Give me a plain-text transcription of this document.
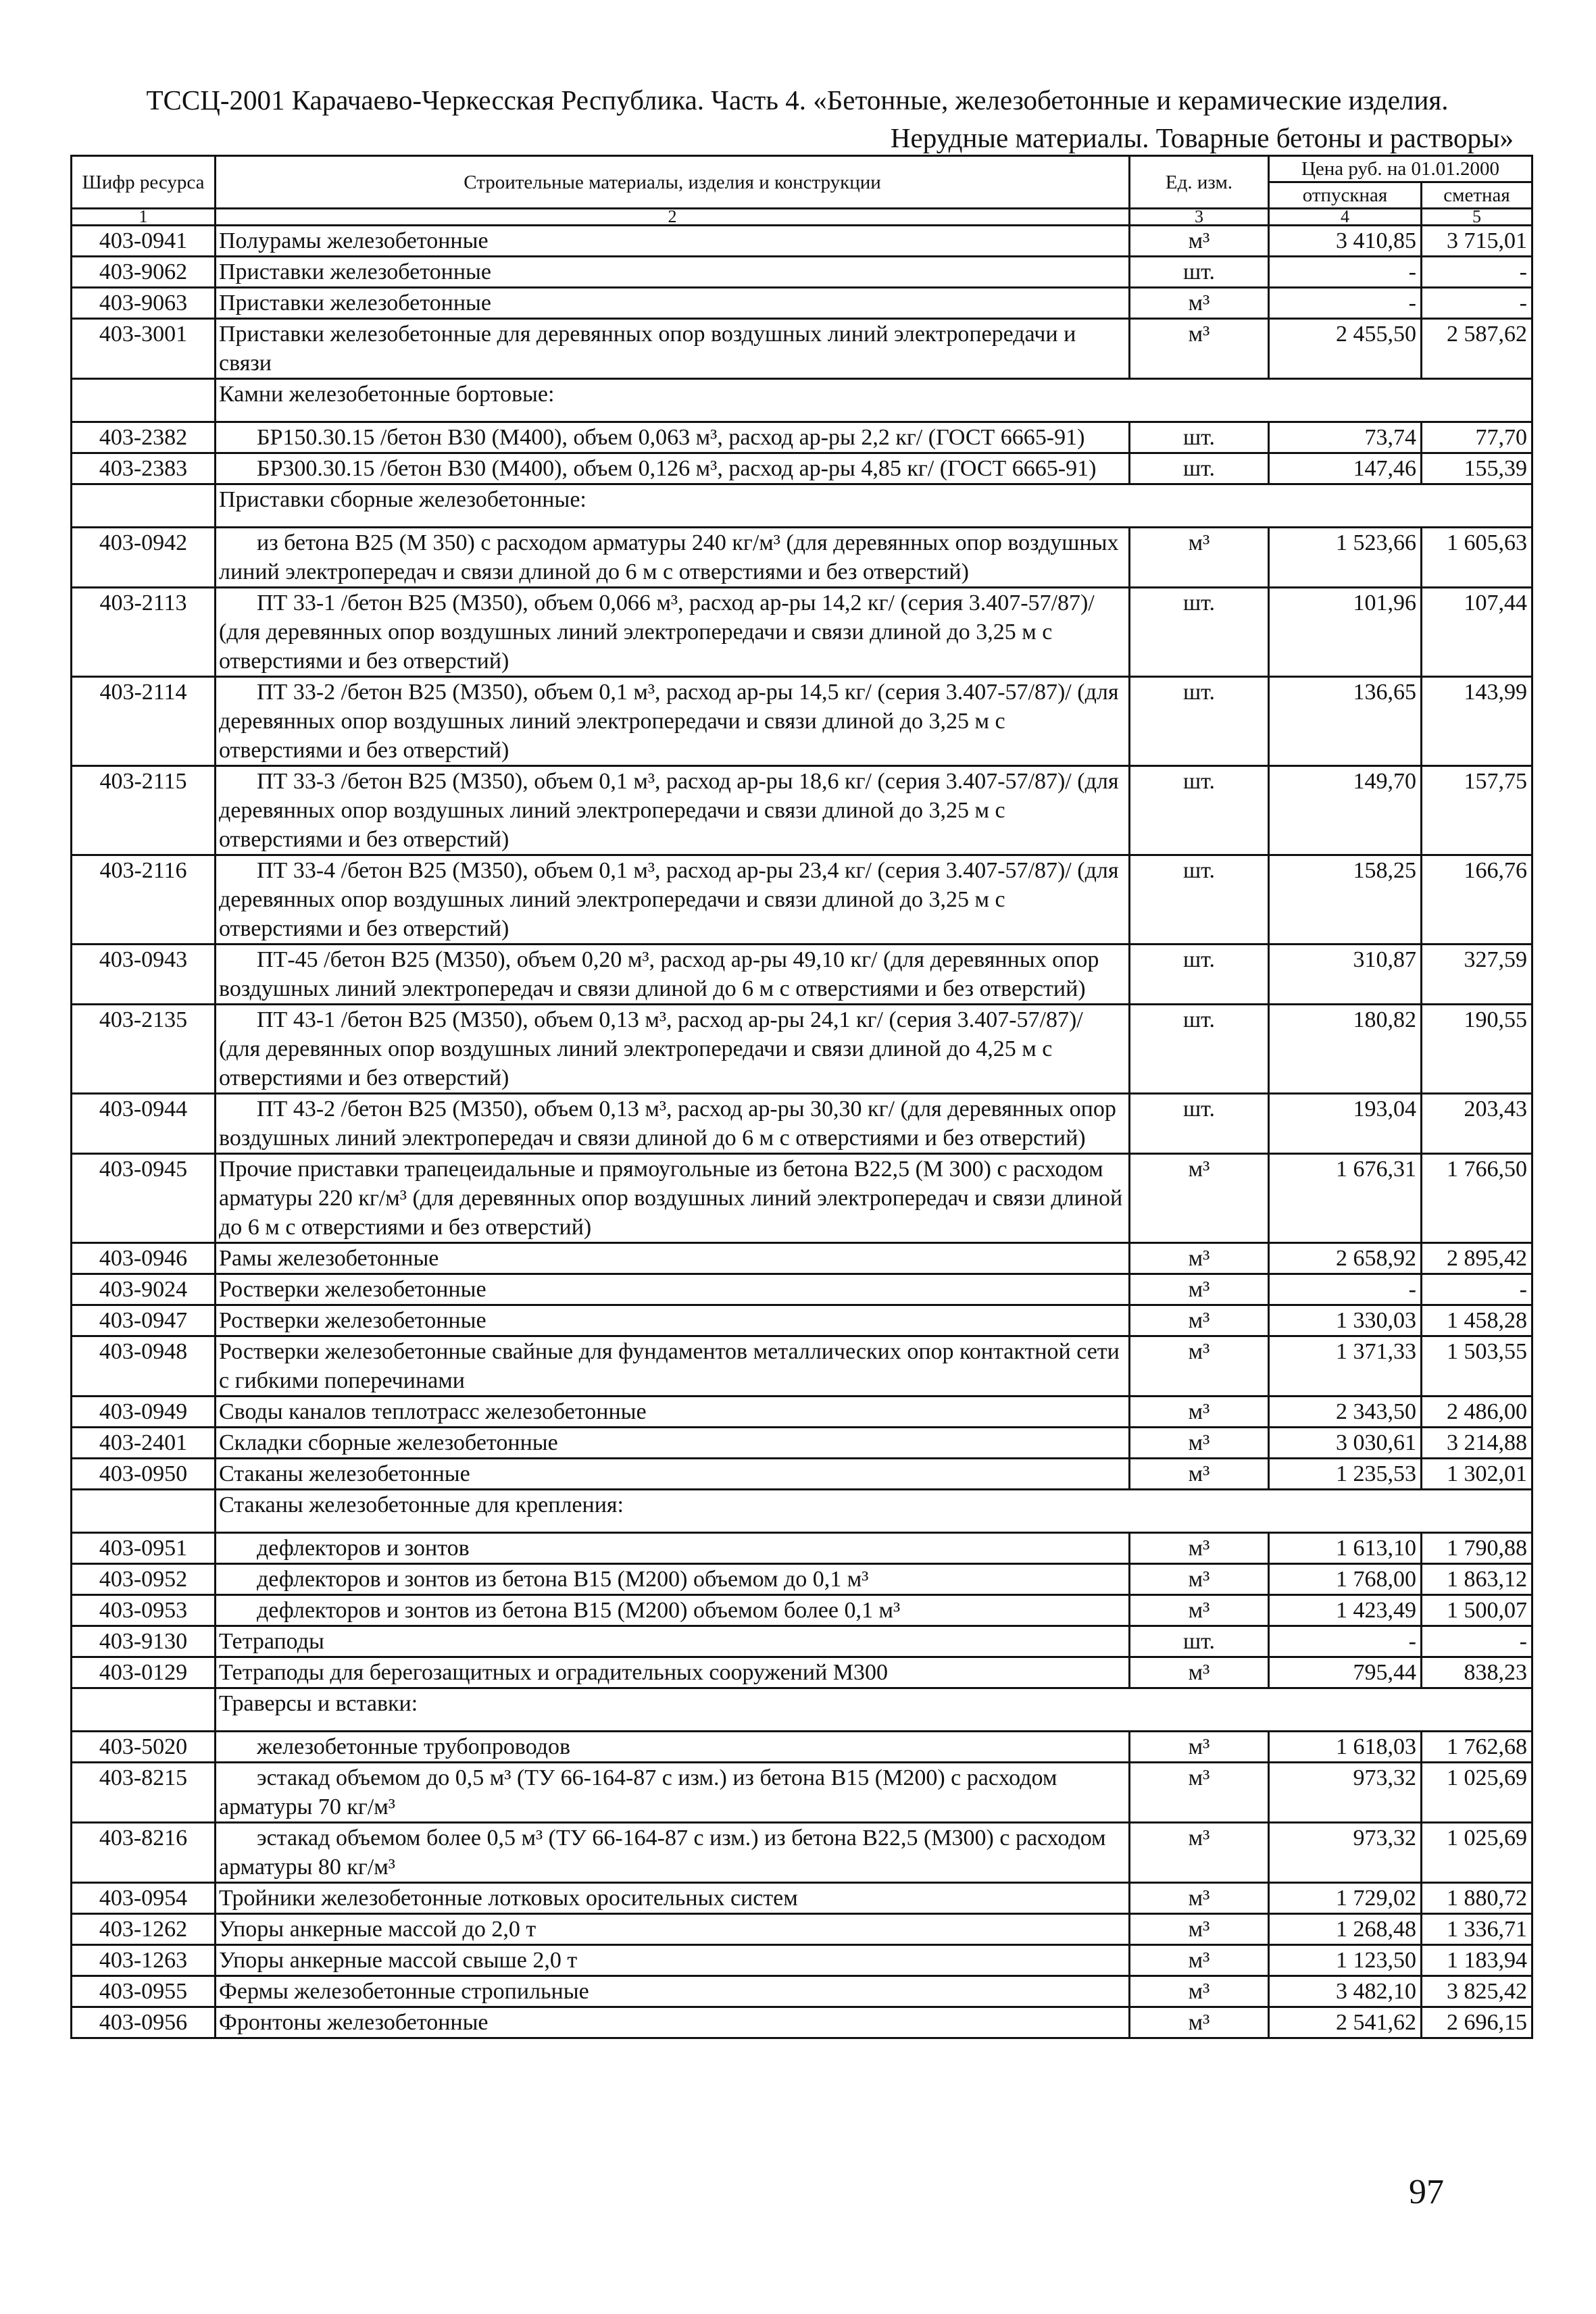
ТССЦ-2001 Карачаево-Черкесская Республика. Часть 4. «Бетонные, железобетонные и керамические изделия.
Нерудные материалы. Товарные бетоны и растворы»
Шифр ресурса	Строительные материалы, изделия и конструкции	Ед. изм.	Цена руб. на 01.01.2000	
			отпускная	сметная
1	2	3	4	5
403-0941	Полурамы железобетонные	м³	3 410,85	3 715,01
403-9062	Приставки железобетонные	шт.	-	-
403-9063	Приставки железобетонные	м³	-	-
403-3001	Приставки железобетонные для деревянных опор воздушных линий электропередачи и связи	м³	2 455,50	2 587,62
	Камни железобетонные бортовые:			
403-2382	БР150.30.15 /бетон В30 (М400), объем 0,063 м³, расход ар-ры 2,2 кг/ (ГОСТ 6665-91)	шт.	73,74	77,70
403-2383	БР300.30.15 /бетон В30 (М400), объем 0,126 м³, расход ар-ры 4,85 кг/ (ГОСТ 6665-91)	шт.	147,46	155,39
	Приставки сборные железобетонные:			
403-0942	из бетона В25 (М 350) с расходом арматуры 240 кг/м³ (для деревянных опор воздушных линий электропередач и связи длиной до 6 м с отверстиями и без отверстий)	м³	1 523,66	1 605,63
403-2113	ПТ 33-1 /бетон В25 (М350), объем 0,066 м³, расход ар-ры 14,2 кг/ (серия 3.407-57/87)/ (для деревянных опор воздушных линий электропередачи и связи длиной до 3,25 м с отверстиями и без отверстий)	шт.	101,96	107,44
403-2114	ПТ 33-2 /бетон В25 (М350), объем 0,1 м³, расход ар-ры 14,5 кг/ (серия 3.407-57/87)/ (для деревянных опор воздушных линий электропередачи и связи длиной до 3,25 м с отверстиями и без отверстий)	шт.	136,65	143,99
403-2115	ПТ 33-3 /бетон В25 (М350), объем 0,1 м³, расход ар-ры 18,6 кг/ (серия 3.407-57/87)/ (для деревянных опор воздушных линий электропередачи и связи длиной до 3,25 м с отверстиями и без отверстий)	шт.	149,70	157,75
403-2116	ПТ 33-4 /бетон В25 (М350), объем 0,1 м³, расход ар-ры 23,4 кг/ (серия 3.407-57/87)/ (для деревянных опор воздушных линий электропередачи и связи длиной до 3,25 м с отверстиями и без отверстий)	шт.	158,25	166,76
403-0943	ПТ-45 /бетон В25 (М350), объем 0,20 м³, расход ар-ры 49,10 кг/ (для деревянных опор воздушных линий электропередач и связи длиной до 6 м с отверстиями и без отверстий)	шт.	310,87	327,59
403-2135	ПТ 43-1 /бетон В25 (М350), объем 0,13 м³, расход ар-ры 24,1 кг/ (серия 3.407-57/87)/ (для деревянных опор воздушных линий электропередачи и связи длиной до 4,25 м с отверстиями и без отверстий)	шт.	180,82	190,55
403-0944	ПТ 43-2 /бетон В25 (М350), объем 0,13 м³, расход ар-ры 30,30 кг/ (для деревянных опор воздушных линий электропередач и связи длиной до 6 м с отверстиями и без отверстий)	шт.	193,04	203,43
403-0945	Прочие приставки трапецеидальные и прямоугольные из бетона В22,5 (М 300) с расходом арматуры 220 кг/м³ (для деревянных опор воздушных линий электропередач и связи длиной до 6 м с отверстиями и без отверстий)	м³	1 676,31	1 766,50
403-0946	Рамы железобетонные	м³	2 658,92	2 895,42
403-9024	Ростверки железобетонные	м³	-	-
403-0947	Ростверки железобетонные	м³	1 330,03	1 458,28
403-0948	Ростверки железобетонные свайные для фундаментов металлических опор контактной сети с гибкими поперечинами	м³	1 371,33	1 503,55
403-0949	Своды каналов теплотрасс железобетонные	м³	2 343,50	2 486,00
403-2401	Складки сборные железобетонные	м³	3 030,61	3 214,88
403-0950	Стаканы железобетонные	м³	1 235,53	1 302,01
	Стаканы железобетонные для крепления:			
403-0951	дефлекторов и зонтов	м³	1 613,10	1 790,88
403-0952	дефлекторов и зонтов из бетона В15 (М200) объемом до 0,1 м³	м³	1 768,00	1 863,12
403-0953	дефлекторов и зонтов из бетона В15 (М200) объемом более 0,1 м³	м³	1 423,49	1 500,07
403-9130	Тетраподы	шт.	-	-
403-0129	Тетраподы для берегозащитных и оградительных сооружений М300	м³	795,44	838,23
	Траверсы и вставки:			
403-5020	железобетонные трубопроводов	м³	1 618,03	1 762,68
403-8215	эстакад объемом до 0,5 м³ (ТУ 66-164-87 с изм.) из бетона В15 (М200) с расходом арматуры 70 кг/м³	м³	973,32	1 025,69
403-8216	эстакад объемом более 0,5 м³ (ТУ 66-164-87 с изм.) из бетона В22,5 (М300) с расходом арматуры 80 кг/м³	м³	973,32	1 025,69
403-0954	Тройники железобетонные лотковых оросительных систем	м³	1 729,02	1 880,72
403-1262	Упоры анкерные массой до 2,0 т	м³	1 268,48	1 336,71
403-1263	Упоры анкерные массой свыше 2,0 т	м³	1 123,50	1 183,94
403-0955	Фермы железобетонные стропильные	м³	3 482,10	3 825,42
403-0956	Фронтоны железобетонные	м³	2 541,62	2 696,15
97
